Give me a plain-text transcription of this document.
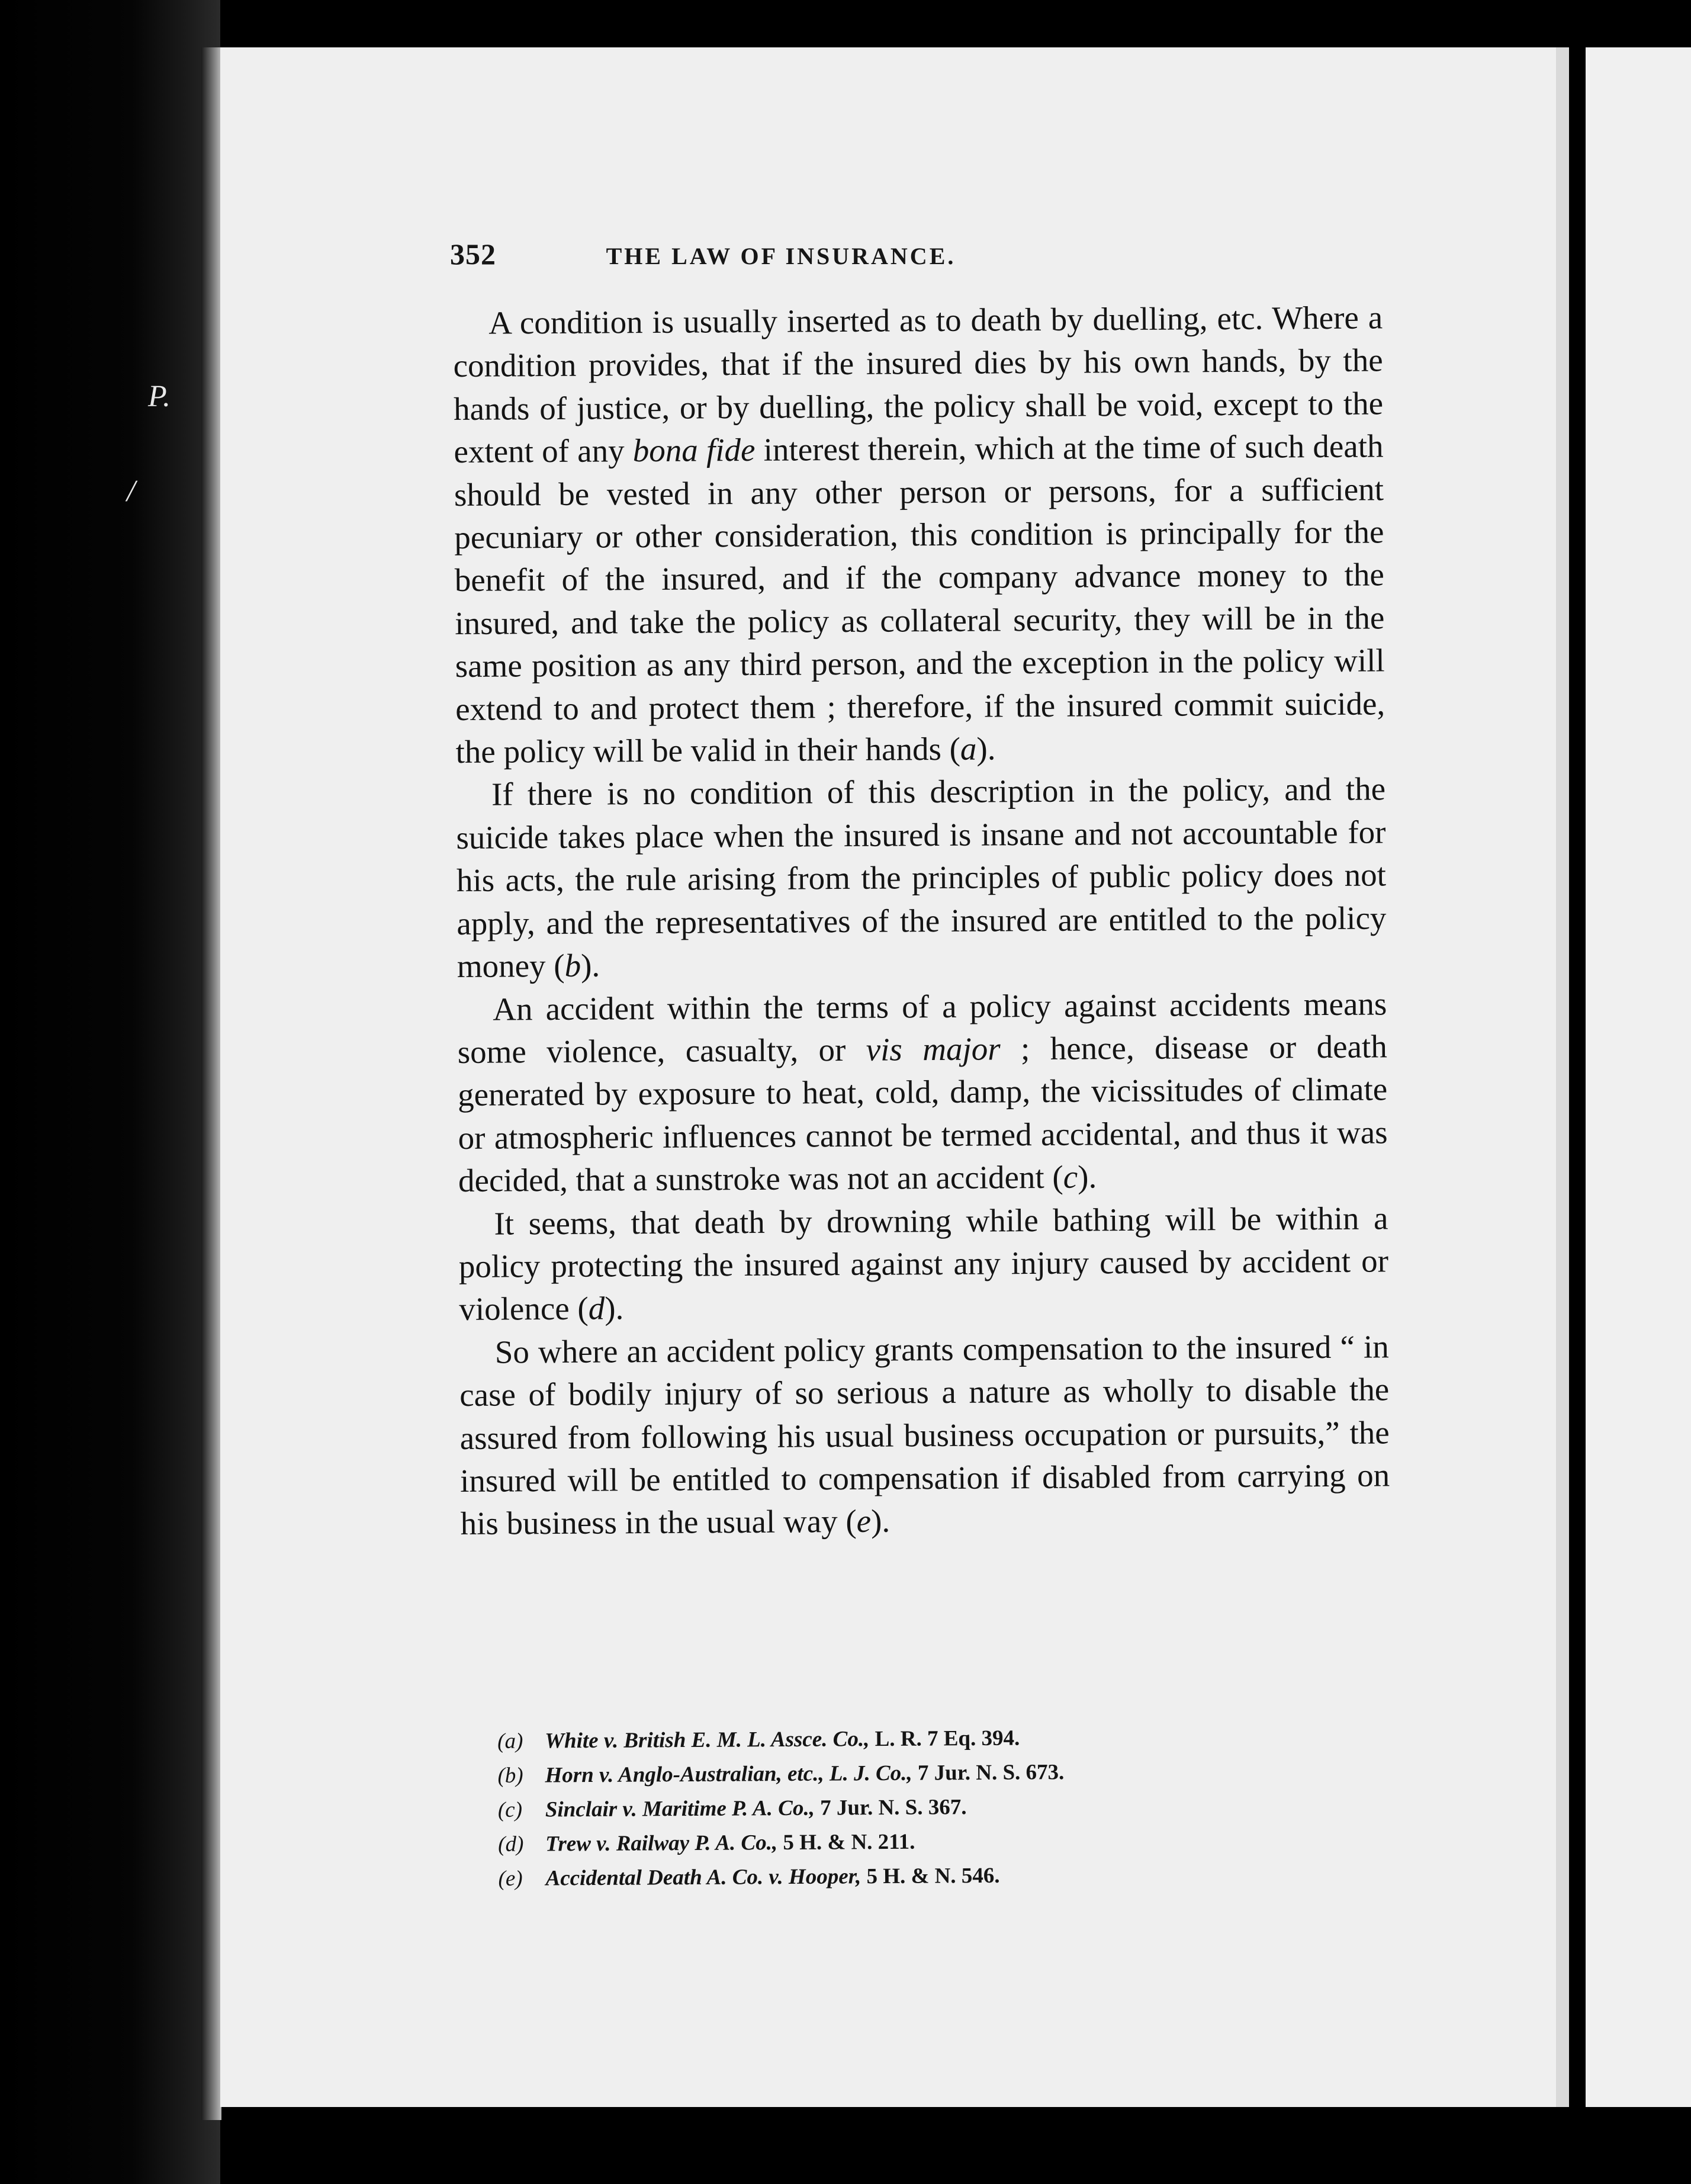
P.
/
352	THE LAW OF INSURANCE.

A condition is usually inserted as to death by duelling, etc. Where a condition provides, that if the insured dies by his own hands, by the hands of justice, or by duelling, the policy shall be void, except to the extent of any bona fide interest therein, which at the time of such death should be vested in any other person or persons, for a sufficient pecuniary or other consideration, this condition is principally for the benefit of the insured, and if the company advance money to the insured, and take the policy as collateral security, they will be in the same position as any third person, and the exception in the policy will extend to and protect them ; therefore, if the insured commit suicide, the policy will be valid in their hands (a).

If there is no condition of this description in the policy, and the suicide takes place when the insured is insane and not accountable for his acts, the rule arising from the principles of public policy does not apply, and the representatives of the insured are entitled to the policy money (b).

An accident within the terms of a policy against accidents means some violence, casualty, or vis major ; hence, disease or death generated by exposure to heat, cold, damp, the vicissitudes of climate or atmospheric influences cannot be termed accidental, and thus it was decided, that a sunstroke was not an accident (c).

It seems, that death by drowning while bathing will be within a policy protecting the insured against any injury caused by accident or violence (d).

So where an accident policy grants compensation to the insured “ in case of bodily injury of so serious a nature as wholly to disable the assured from following his usual business occupation or pursuits,” the insured will be entitled to compensation if disabled from carrying on his business in the usual way (e).

(a) White v. British E. M. L. Assce. Co., L. R. 7 Eq. 394.
(b) Horn v. Anglo-Australian, etc., L. J. Co., 7 Jur. N. S. 673.
(c) Sinclair v. Maritime P. A. Co., 7 Jur. N. S. 367.
(d) Trew v. Railway P. A. Co., 5 H. & N. 211.
(e) Accidental Death A. Co. v. Hooper, 5 H. & N. 546.
